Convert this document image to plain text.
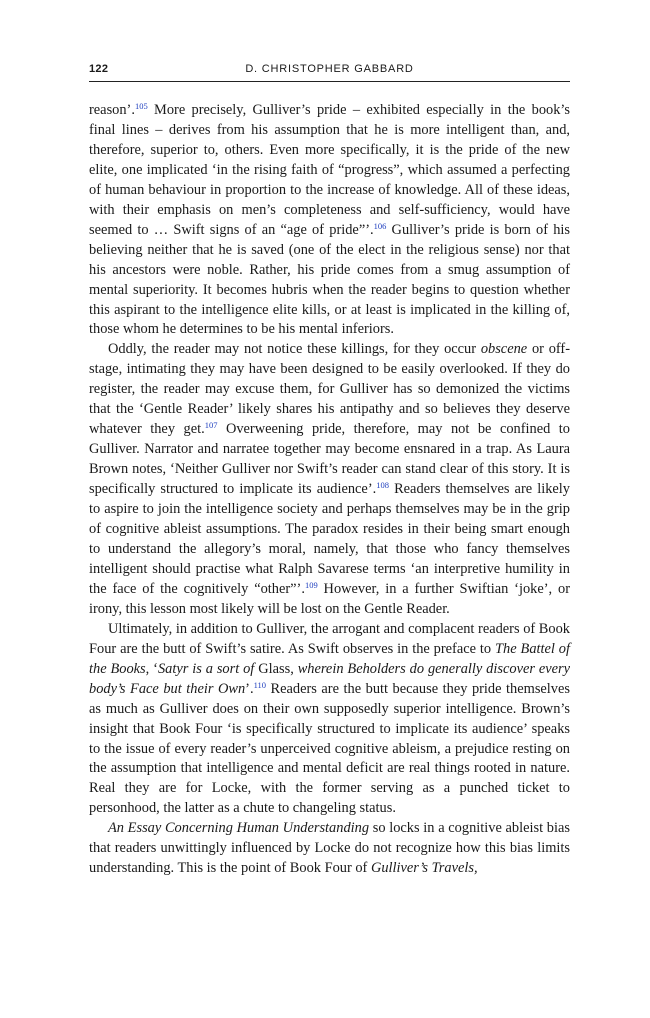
122	D. CHRISTOPHER GABBARD

reason’.$^{105}$ More precisely, Gulliver’s pride – exhibited especially in the book’s final lines – derives from his assumption that he is more intelligent than, and, therefore, superior to, others. Even more specifically, it is the pride of the new elite, one implicated ‘in the rising faith of “progress”, which assumed a perfecting of human behaviour in proportion to the increase of knowledge. All of these ideas, with their emphasis on men’s completeness and self-sufficiency, would have seemed to … Swift signs of an “age of pride”’.$^{106}$ Gulliver’s pride is born of his believing neither that he is saved (one of the elect in the religious sense) nor that his ancestors were noble. Rather, his pride comes from a smug assumption of mental superiority. It becomes hubris when the reader begins to question whether this aspirant to the intelligence elite kills, or at least is implicated in the killing of, those whom he determines to be his mental inferiors.

Oddly, the reader may not notice these killings, for they occur obscene or off-stage, intimating they may have been designed to be easily overlooked. If they do register, the reader may excuse them, for Gulliver has so demonized the victims that the ‘Gentle Reader’ likely shares his antipathy and so believes they deserve whatever they get.$^{107}$ Overweening pride, therefore, may not be confined to Gulliver. Narrator and narratee together may become ensnared in a trap. As Laura Brown notes, ‘Neither Gulliver nor Swift’s reader can stand clear of this story. It is specifically structured to implicate its audience’.$^{108}$ Readers themselves are likely to aspire to join the intelligence society and perhaps themselves may be in the grip of cognitive ableist assumptions. The paradox resides in their being smart enough to understand the allegory’s moral, namely, that those who fancy themselves intelligent should practise what Ralph Savarese terms ‘an interpretive humility in the face of the cognitively “other”’.$^{109}$ However, in a further Swiftian ‘joke’, or irony, this lesson most likely will be lost on the Gentle Reader.

Ultimately, in addition to Gulliver, the arrogant and complacent readers of Book Four are the butt of Swift’s satire. As Swift observes in the preface to The Battel of the Books, ‘Satyr is a sort of Glass, wherein Beholders do generally discover every body’s Face but their Own’.$^{110}$ Readers are the butt because they pride themselves as much as Gulliver does on their own supposedly superior intelligence. Brown’s insight that Book Four ‘is specifically structured to implicate its audience’ speaks to the issue of every reader’s unperceived cognitive ableism, a prejudice resting on the assumption that intelligence and mental deficit are real things rooted in nature. Real they are for Locke, with the former serving as a punched ticket to personhood, the latter as a chute to changeling status.

An Essay Concerning Human Understanding so locks in a cognitive ableist bias that readers unwittingly influenced by Locke do not recognize how this bias limits understanding. This is the point of Book Four of Gulliver’s Travels,
